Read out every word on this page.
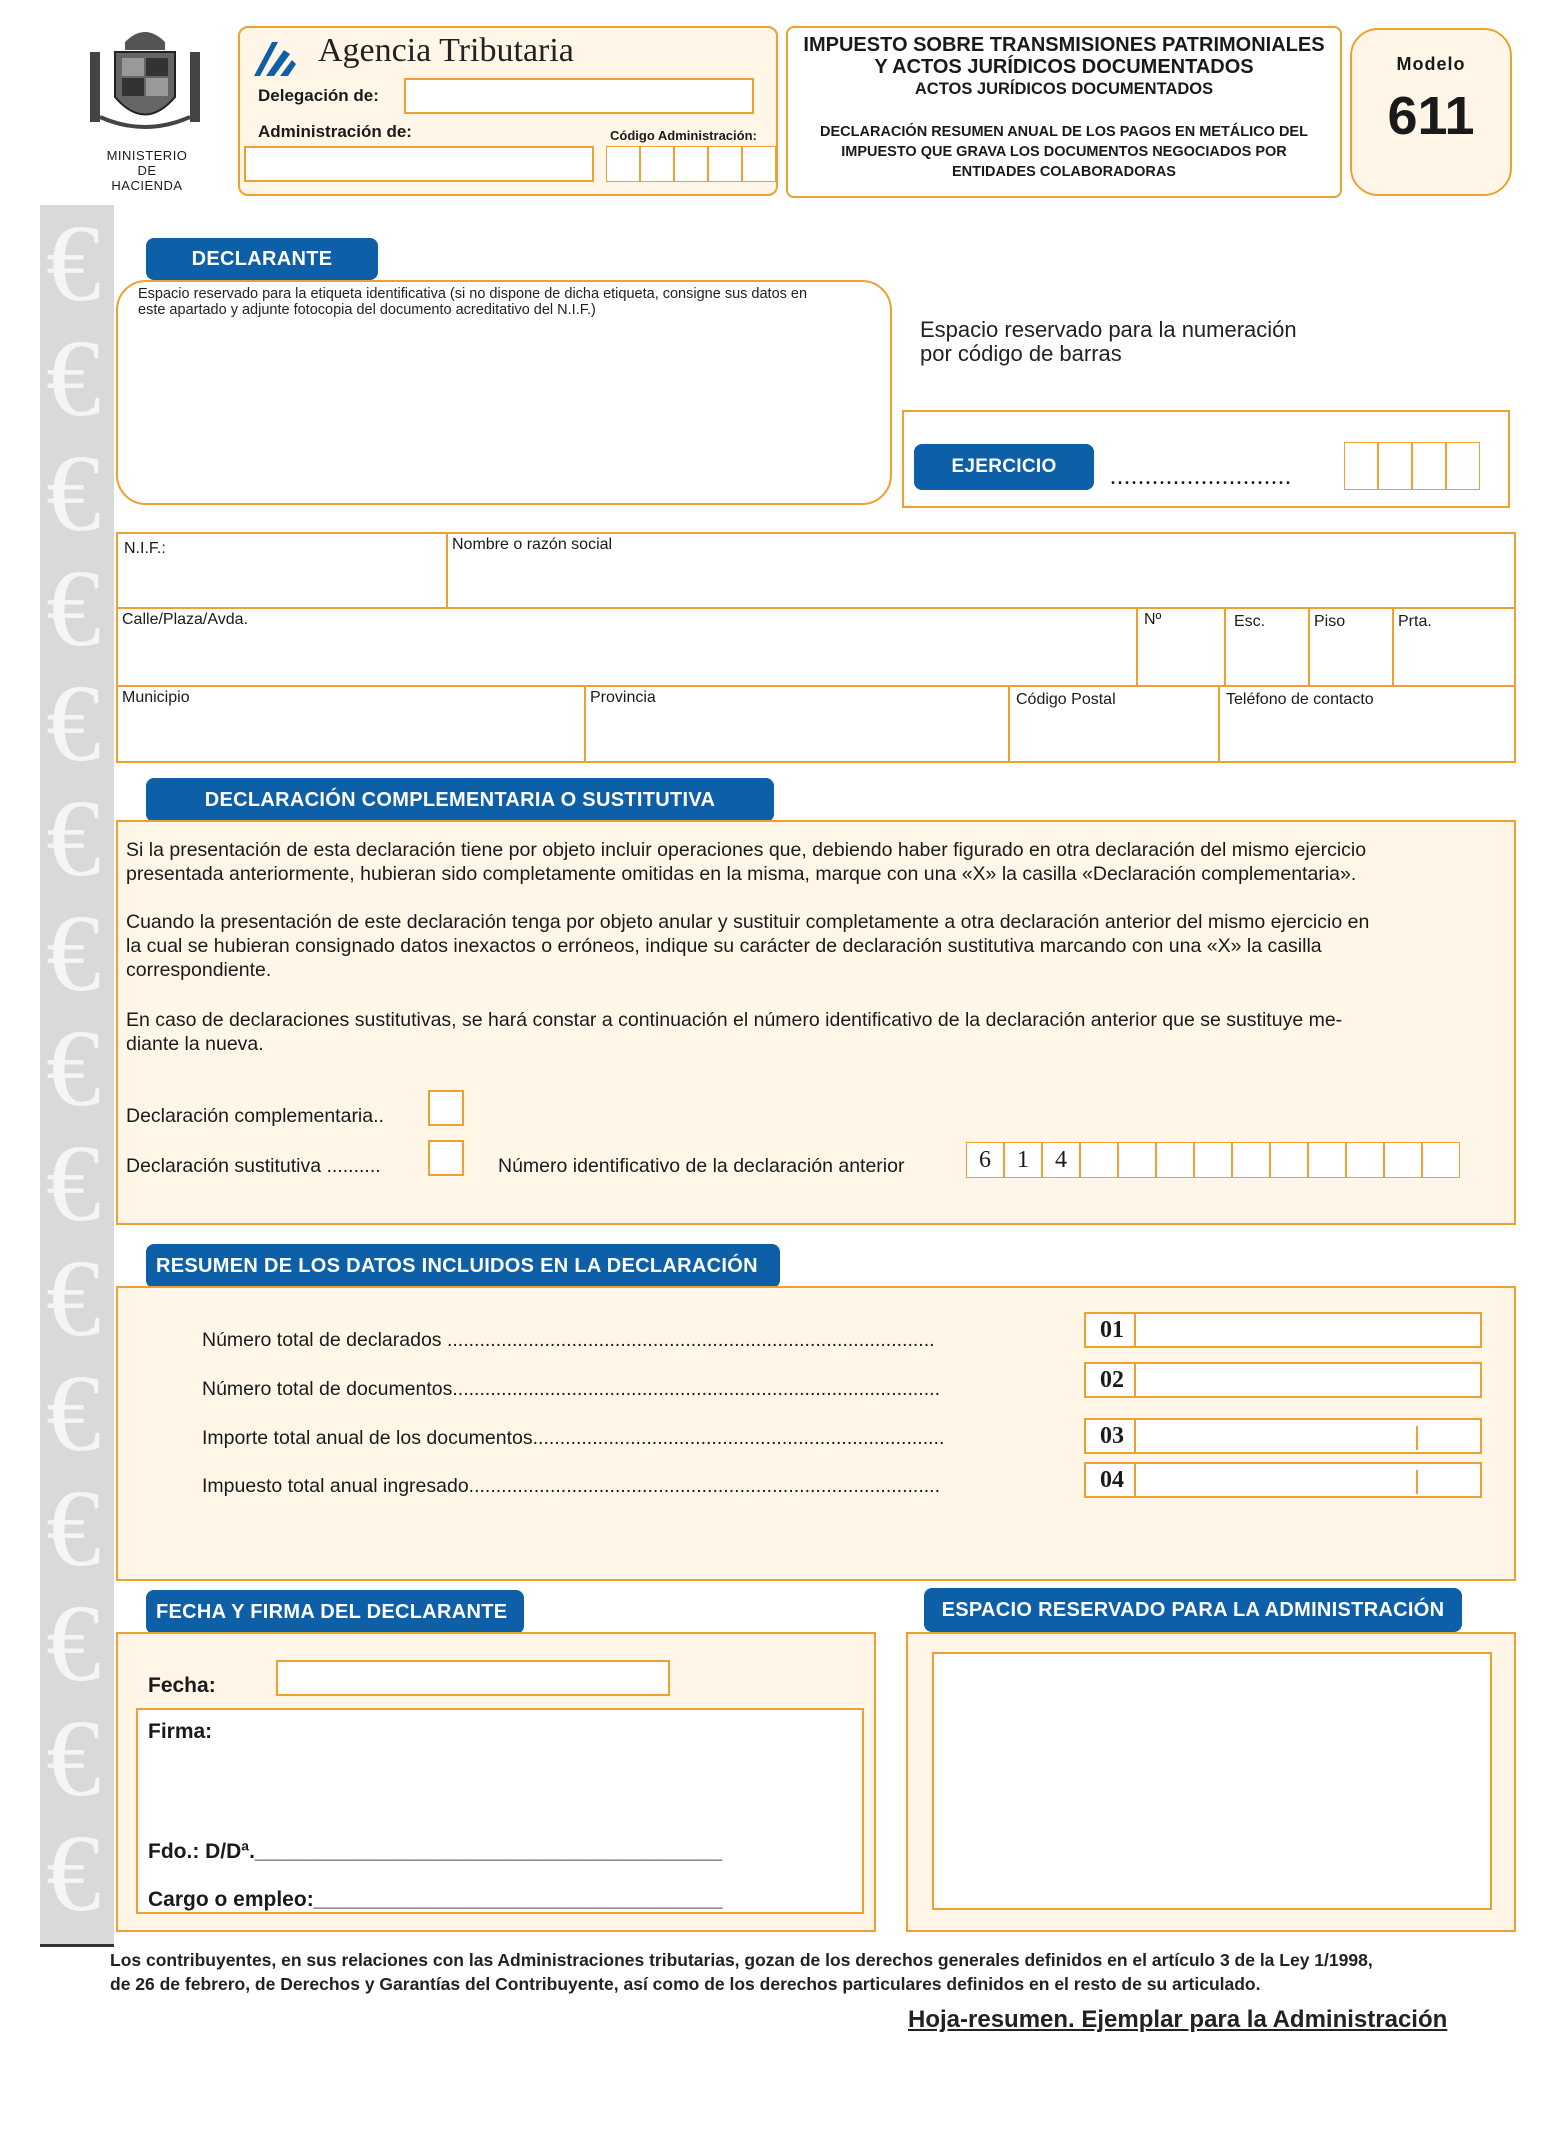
MINISTERIO
DE
HACIENDA
Agencia Tributaria
Delegación de:
Administración de:	Código Administración:
IMPUESTO SOBRE TRANSMISIONES PATRIMONIALES
Y ACTOS JURÍDICOS DOCUMENTADOS
ACTOS JURÍDICOS DOCUMENTADOS
DECLARACIÓN RESUMEN ANUAL DE LOS PAGOS EN METÁLICO DEL
IMPUESTO QUE GRAVA LOS DOCUMENTOS NEGOCIADOS POR
ENTIDADES COLABORADORAS
Modelo
611
DECLARANTE
Espacio reservado para la etiqueta identificativa (si no dispone de dicha etiqueta, consigne sus datos en
este apartado y adjunte fotocopia del documento acreditativo del N.I.F.)
Espacio reservado para la numeración
por código de barras
EJERCICIO	..........................
N.I.F.:	Nombre o razón social
Calle/Plaza/Avda.	Nº	Esc.	Piso	Prta.
Municipio	Provincia	Código Postal	Teléfono de contacto
DECLARACIÓN COMPLEMENTARIA O SUSTITUTIVA
Si la presentación de esta declaración tiene por objeto incluir operaciones que, debiendo haber figurado en otra declaración del mismo ejercicio
presentada anteriormente, hubieran sido completamente omitidas en la misma, marque con una «X» la casilla «Declaración complementaria».
Cuando la presentación de este declaración tenga por objeto anular y sustituir completamente a otra declaración anterior del mismo ejercicio en
la cual se hubieran consignado datos inexactos o erróneos, indique su carácter de declaración sustitutiva marcando con una «X» la casilla
correspondiente.
En caso de declaraciones sustitutivas, se hará constar a continuación el número identificativo de la declaración anterior que se sustituye me-
diante la nueva.
Declaración complementaria..
Declaración sustitutiva ..........	Número identificativo de la declaración anterior	6	1	4
RESUMEN DE LOS DATOS INCLUIDOS EN LA DECLARACIÓN
Número total de declarados ..........................................................................................	01
Número total de documentos..........................................................................................	02
Importe total anual de los documentos............................................................................	03
Impuesto total anual ingresado.......................................................................................	04
FECHA Y FIRMA DEL DECLARANTE
Fecha:
Firma:
Fdo.: D/Dª.________________________________________
Cargo o empleo:___________________________________
ESPACIO RESERVADO PARA LA ADMINISTRACIÓN
Los contribuyentes, en sus relaciones con las Administraciones tributarias, gozan de los derechos generales definidos en el artículo 3 de la Ley 1/1998,
de 26 de febrero, de Derechos y Garantías del Contribuyente, así como de los derechos particulares definidos en el resto de su articulado.
Hoja-resumen. Ejemplar para la Administración
